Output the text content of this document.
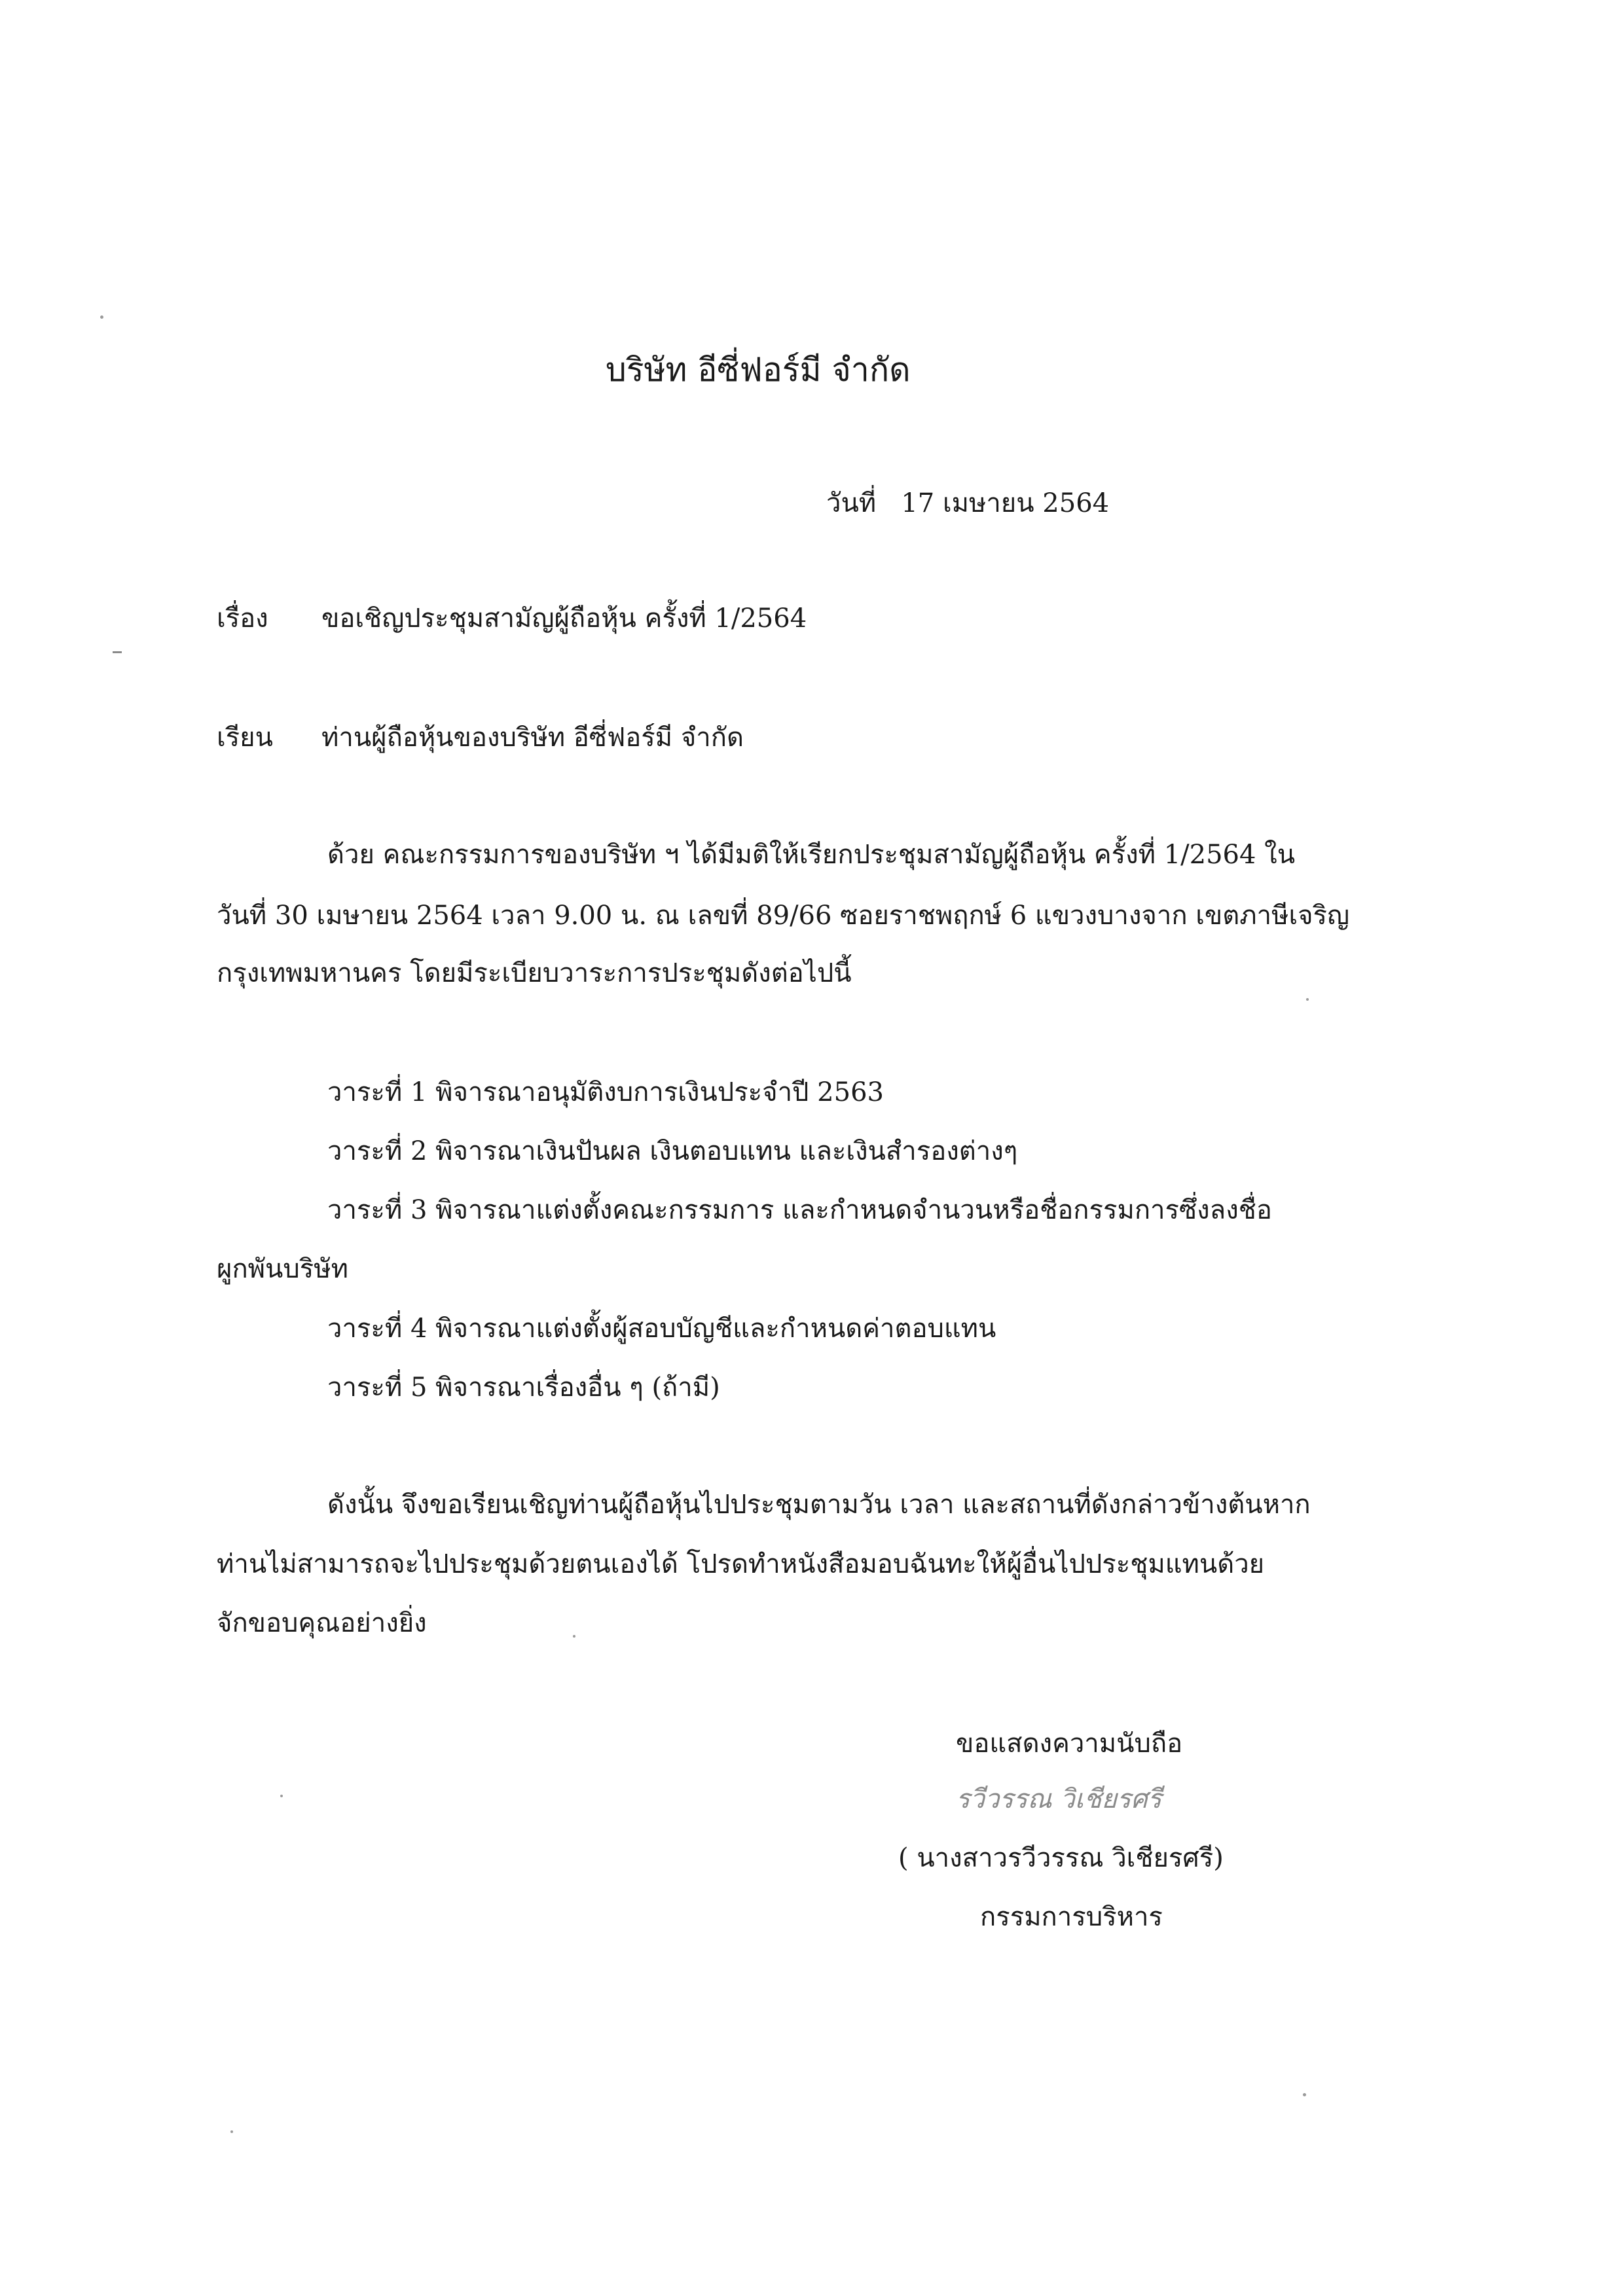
บริษัท อีซี่ฟอร์มี จำกัด
วันที่ 17 เมษายน 2564
เรื่อง ขอเชิญประชุมสามัญผู้ถือหุ้น ครั้งที่ 1/2564
เรียน ท่านผู้ถือหุ้นของบริษัท อีซี่ฟอร์มี จำกัด
ด้วย คณะกรรมการของบริษัท ฯ ได้มีมติให้เรียกประชุมสามัญผู้ถือหุ้น ครั้งที่ 1/2564 ใน
วันที่ 30 เมษายน 2564 เวลา 9.00 น. ณ เลขที่ 89/66 ซอยราชพฤกษ์ 6 แขวงบางจาก เขตภาษีเจริญ
กรุงเทพมหานคร โดยมีระเบียบวาระการประชุมดังต่อไปนี้
วาระที่ 1 พิจารณาอนุมัติงบการเงินประจำปี 2563
วาระที่ 2 พิจารณาเงินปันผล เงินตอบแทน และเงินสำรองต่างๆ
วาระที่ 3 พิจารณาแต่งตั้งคณะกรรมการ และกำหนดจำนวนหรือชื่อกรรมการซึ่งลงชื่อ
ผูกพันบริษัท
วาระที่ 4 พิจารณาแต่งตั้งผู้สอบบัญชีและกำหนดค่าตอบแทน
วาระที่ 5 พิจารณาเรื่องอื่น ๆ (ถ้ามี)
ดังนั้น จึงขอเรียนเชิญท่านผู้ถือหุ้นไปประชุมตามวัน เวลา และสถานที่ดังกล่าวข้างต้นหาก
ท่านไม่สามารถจะไปประชุมด้วยตนเองได้ โปรดทำหนังสือมอบฉันทะให้ผู้อื่นไปประชุมแทนด้วย
จักขอบคุณอย่างยิ่ง
ขอแสดงความนับถือ
รวีวรรณ วิเชียรศรี
( นางสาวรวีวรรณ วิเชียรศรี)
กรรมการบริหาร
